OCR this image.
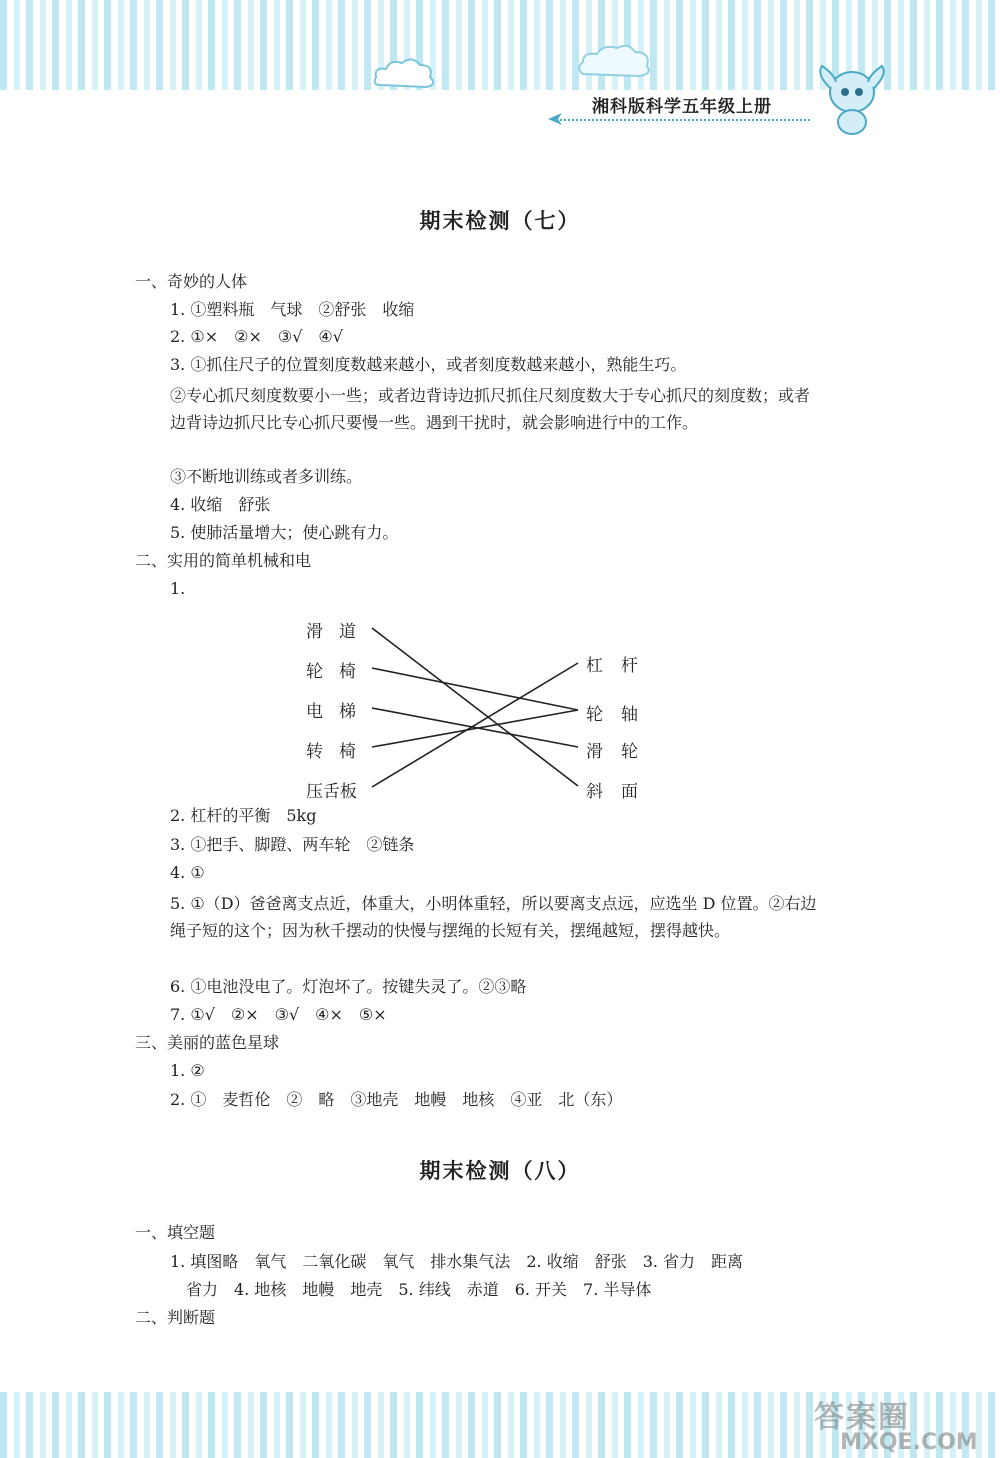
湘科版科学五年级上册
期末检测（七）
一、奇妙的人体
1. ①塑料瓶　气球　②舒张　收缩
2. ①×　②×　③√　④√
3. ①抓住尺子的位置刻度数越来越小，或者刻度数越来越小，熟能生巧。
②专心抓尺刻度数要小一些；或者边背诗边抓尺抓住尺刻度数大于专心抓尺的刻度数；或者边背诗边抓尺比专心抓尺要慢一些。遇到干扰时，就会影响进行中的工作。
③不断地训练或者多训练。
4. 收缩　舒张
5. 使肺活量增大；使心跳有力。
二、实用的简单机械和电
1.
滑道
轮椅
电梯
转椅
压舌板
杠杆
轮轴
滑轮
斜面
2. 杠杆的平衡　5kg
3. ①把手、脚蹬、两车轮　②链条
4. ①
5. ①（D）爸爸离支点近，体重大，小明体重轻，所以要离支点远，应选坐 D 位置。②右边绳子短的这个；因为秋千摆动的快慢与摆绳的长短有关，摆绳越短，摆得越快。
6. ①电池没电了。灯泡坏了。按键失灵了。②③略
7. ①√　②×　③√　④×　⑤×
三、美丽的蓝色星球
1. ②
2. ①　麦哲伦　②　略　③地壳　地幔　地核　④亚　北（东）
期末检测（八）
一、填空题
1. 填图略　氧气　二氧化碳　氧气　排水集气法　2. 收缩　舒张　3. 省力　距离
省力　4. 地核　地幔　地壳　5. 纬线　赤道　6. 开关　7. 半导体
二、判断题
答案圈
MXQE.COM
